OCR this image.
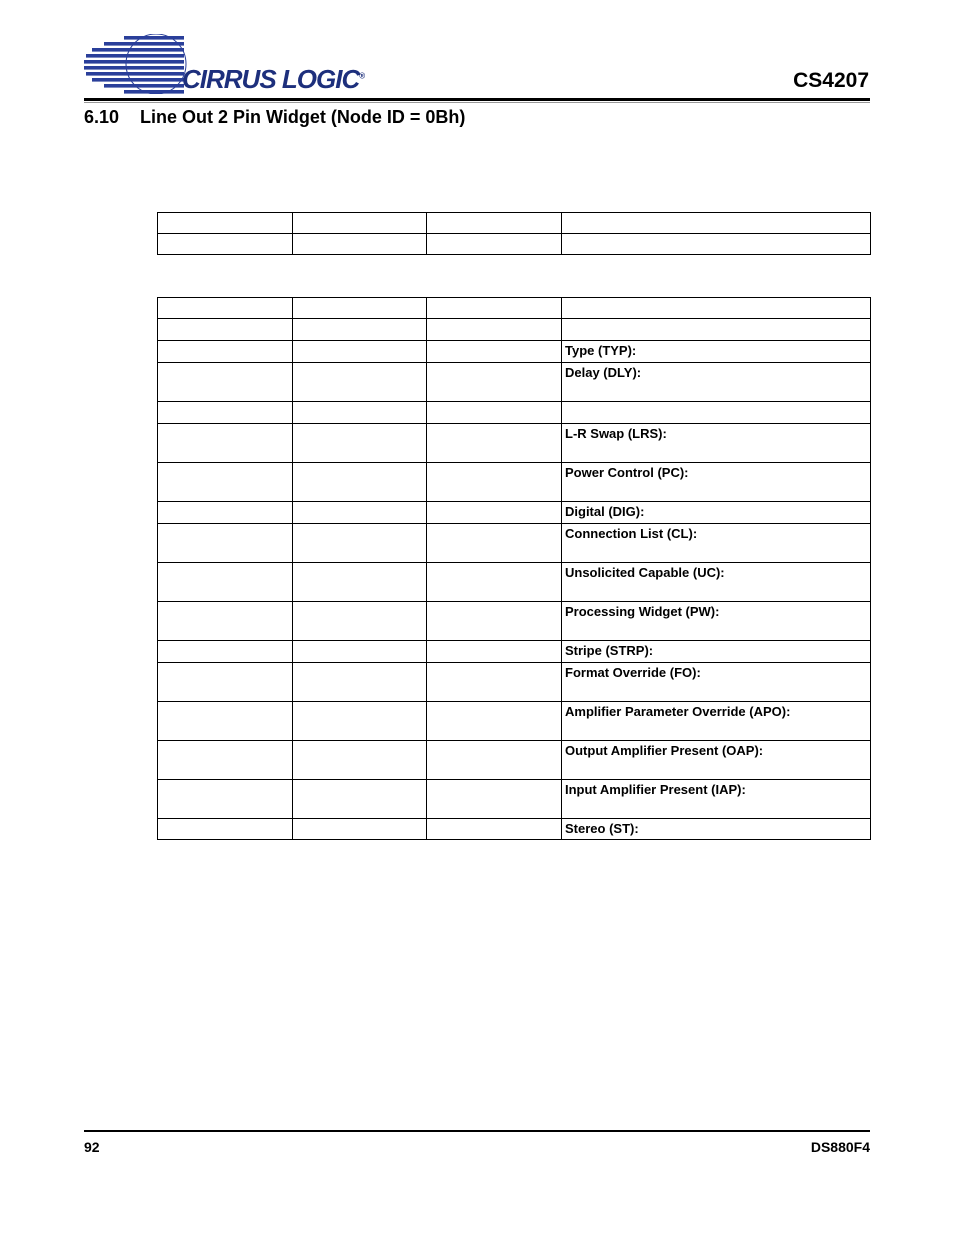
CIRRUS LOGIC®	CS4207
6.10 Line Out 2 Pin Widget (Node ID = 0Bh)

			Type (TYP):
			Delay (DLY):

			L-R Swap (LRS):
			Power Control (PC):
			Digital (DIG):
			Connection List (CL):
			Unsolicited Capable (UC):
			Processing Widget (PW):
			Stripe (STRP):
			Format Override (FO):
			Amplifier Parameter Override (APO):
			Output Amplifier Present (OAP):
			Input Amplifier Present (IAP):
			Stereo (ST):
92	DS880F4
